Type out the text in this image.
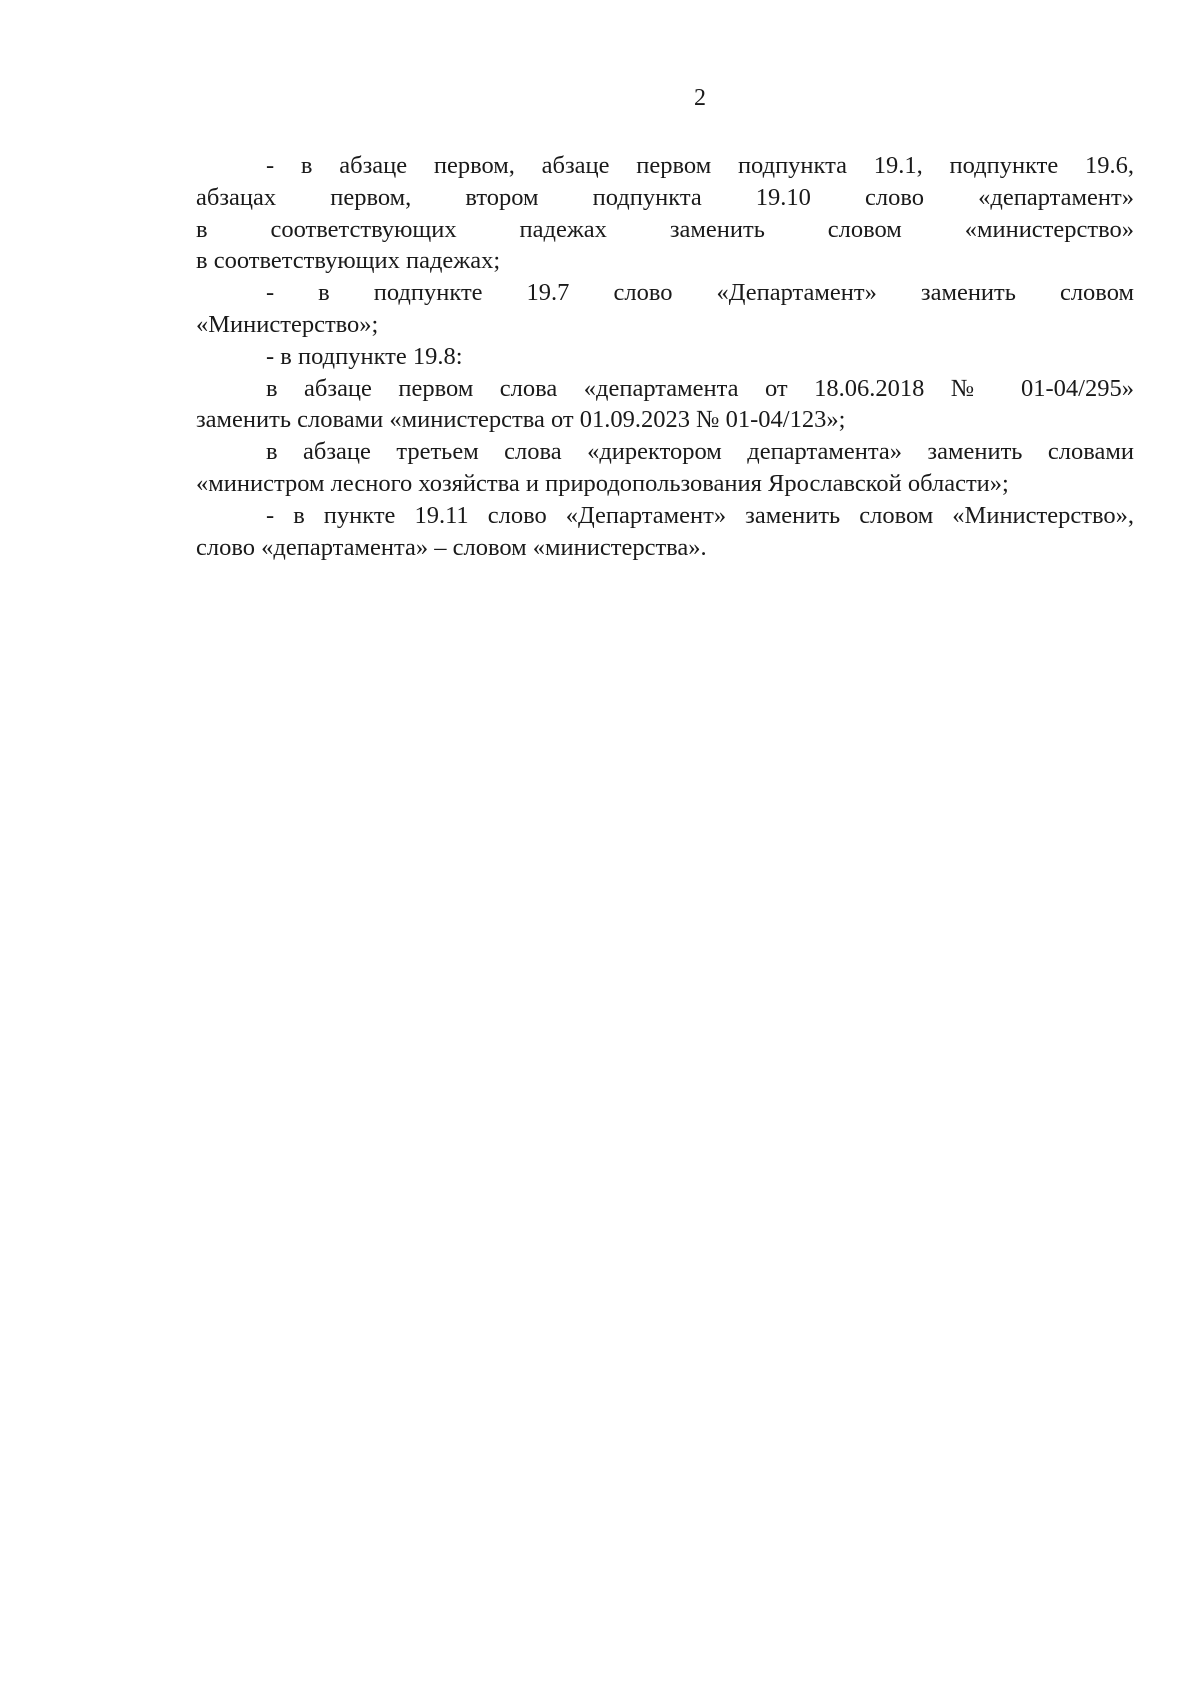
2
- в абзаце первом, абзаце первом подпункта 19.1, подпункте 19.6,
абзацах первом, втором подпункта 19.10 слово «департамент»
в соответствующих падежах заменить словом «министерство»
в соответствующих падежах;
- в подпункте 19.7 слово «Департамент» заменить словом
«Министерство»;
- в подпункте 19.8:
в абзаце первом слова «департамента от 18.06.2018 № 01-04/295»
заменить словами «министерства от 01.09.2023 № 01-04/123»;
в абзаце третьем слова «директором департамента» заменить словами
«министром лесного хозяйства и природопользования Ярославской области»;
- в пункте 19.11 слово «Департамент» заменить словом «Министерство»,
слово «департамента» – словом «министерства».
